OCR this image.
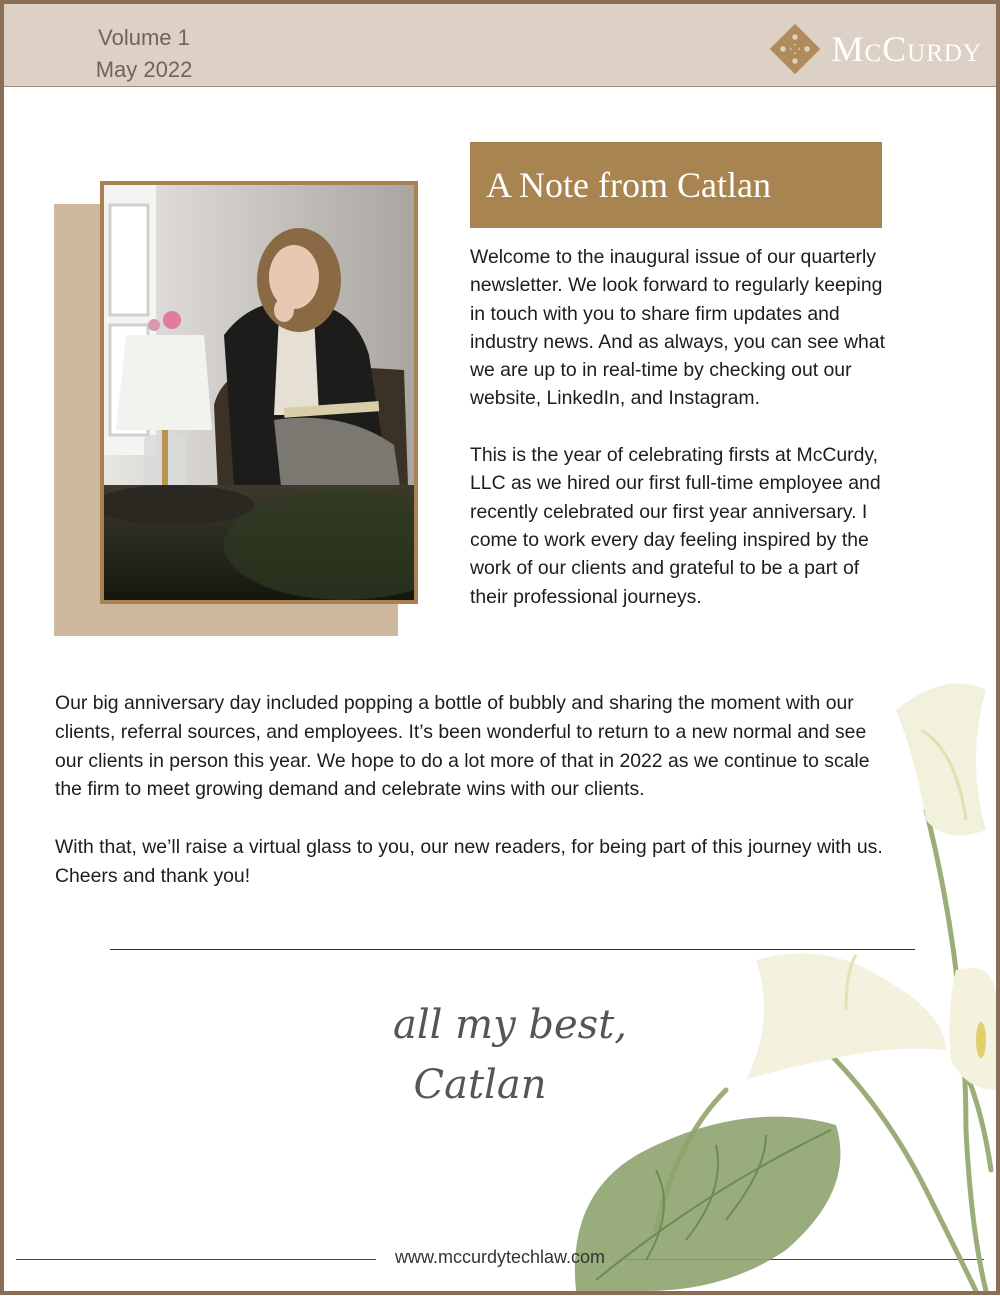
Volume 1
May 2022
McCurdy
A Note from Catlan

Welcome to the inaugural issue of our quarterly newsletter. We look forward to regularly keeping in touch with you to share firm updates and industry news. And as always, you can see what we are up to in real-time by checking out our website, LinkedIn, and Instagram.

This is the year of celebrating firsts at McCurdy, LLC as we hired our first full-time employee and recently celebrated our first year anniversary. I come to work every day feeling inspired by the work of our clients and grateful to be a part of their professional journeys.

Our big anniversary day included popping a bottle of bubbly and sharing the moment with our clients, referral sources, and employees. It’s been wonderful to return to a new normal and see our clients in person this year. We hope to do a lot more of that in 2022 as we continue to scale the firm to meet growing demand and celebrate wins with our clients.

With that, we’ll raise a virtual glass to you, our new readers, for being part of this journey with us. Cheers and thank you!

all my best,
Catlan
www.mccurdytechlaw.com
